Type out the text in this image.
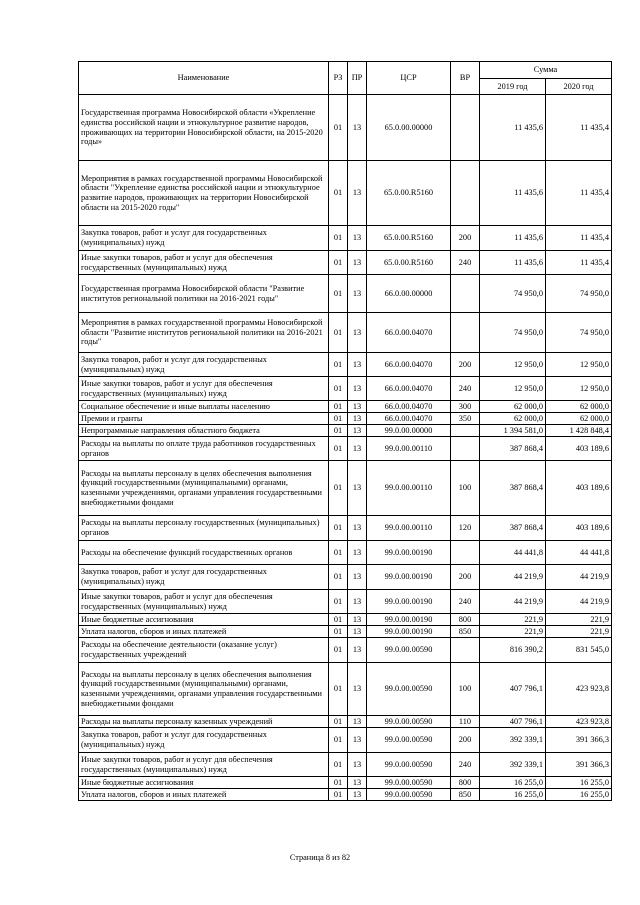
Наименование	РЗ	ПР	ЦСР	ВР	Сумма	
					2019 год	2020 год
Государственная программа Новосибирской области «Укрепление единства российской нации и этнокультурное развитие народов, проживающих на территории Новосибирской области, на 2015-2020 годы»	01	13	65.0.00.00000		11 435,6	11 435,4
Мероприятия в рамках государственной программы Новосибирской области "Укрепление единства российской нации и этнокультурное развитие народов, проживающих на территории Новосибирской области на 2015-2020 годы"	01	13	65.0.00.R5160		11 435,6	11 435,4
Закупка товаров, работ и услуг для государственных (муниципальных) нужд	01	13	65.0.00.R5160	200	11 435,6	11 435,4
Иные закупки товаров, работ и услуг для обеспечения государственных (муниципальных) нужд	01	13	65.0.00.R5160	240	11 435,6	11 435,4
Государственная программа Новосибирской области "Развитие институтов региональной политики на 2016-2021 годы"	01	13	66.0.00.00000		74 950,0	74 950,0
Мероприятия в рамках государственной программы Новосибирской области "Развитие институтов региональной политики на 2016-2021 годы"	01	13	66.0.00.04070		74 950,0	74 950,0
Закупка товаров, работ и услуг для государственных (муниципальных) нужд	01	13	66.0.00.04070	200	12 950,0	12 950,0
Иные закупки товаров, работ и услуг для обеспечения государственных (муниципальных) нужд	01	13	66.0.00.04070	240	12 950,0	12 950,0
Социальное обеспечение и иные выплаты населению	01	13	66.0.00.04070	300	62 000,0	62 000,0
Премии и гранты	01	13	66.0.00.04070	350	62 000,0	62 000,0
Непрограммные направления областного бюджета	01	13	99.0.00.00000		1 394 581,0	1 428 848,4
Расходы на выплаты по оплате труда работников государственных органов	01	13	99.0.00.00110		387 868,4	403 189,6
Расходы на выплаты персоналу в целях обеспечения выполнения функций государственными (муниципальными) органами, казенными учреждениями, органами управления государственными внебюджетными фондами	01	13	99.0.00.00110	100	387 868,4	403 189,6
Расходы на выплаты персоналу государственных (муниципальных) органов	01	13	99.0.00.00110	120	387 868,4	403 189,6
Расходы на обеспечение функций государственных органов	01	13	99.0.00.00190		44 441,8	44 441,8
Закупка товаров, работ и услуг для государственных (муниципальных) нужд	01	13	99.0.00.00190	200	44 219,9	44 219,9
Иные закупки товаров, работ и услуг для обеспечения государственных (муниципальных) нужд	01	13	99.0.00.00190	240	44 219,9	44 219,9
Иные бюджетные ассигнования	01	13	99.0.00.00190	800	221,9	221,9
Уплата налогов, сборов и иных платежей	01	13	99.0.00.00190	850	221,9	221,9
Расходы на обеспечение деятельности (оказание услуг) государственных учреждений	01	13	99.0.00.00590		816 390,2	831 545,0
Расходы на выплаты персоналу в целях обеспечения выполнения функций государственными (муниципальными) органами, казенными учреждениями, органами управления государственными внебюджетными фондами	01	13	99.0.00.00590	100	407 796,1	423 923,8
Расходы на выплаты персоналу казенных учреждений	01	13	99.0.00.00590	110	407 796,1	423 923,8
Закупка товаров, работ и услуг для государственных (муниципальных) нужд	01	13	99.0.00.00590	200	392 339,1	391 366,3
Иные закупки товаров, работ и услуг для обеспечения государственных (муниципальных) нужд	01	13	99.0.00.00590	240	392 339,1	391 366,3
Иные бюджетные ассигнования	01	13	99.0.00.00590	800	16 255,0	16 255,0
Уплата налогов, сборов и иных платежей	01	13	99.0.00.00590	850	16 255,0	16 255,0
Страница 8 из 82
